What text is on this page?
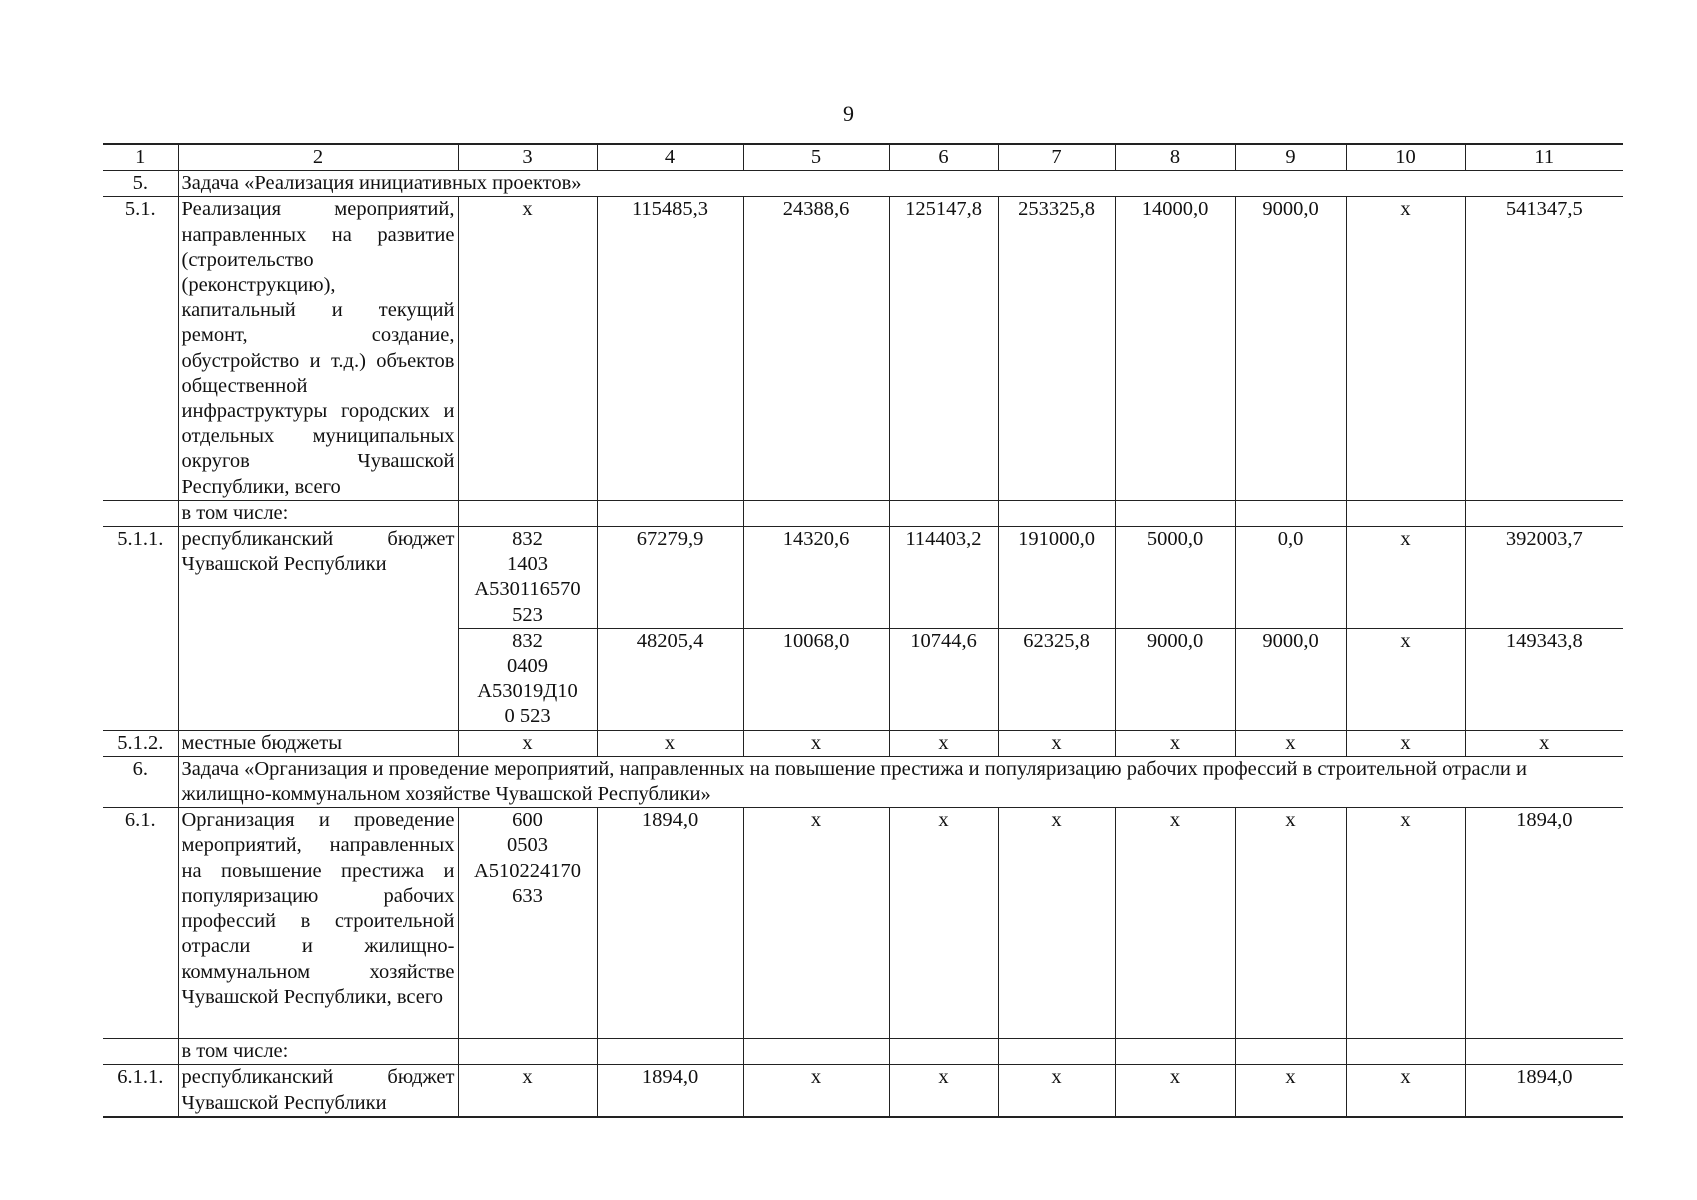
9
1	2	3	4	5	6	7	8	9	10	11
5.	Задача «Реализация инициативных проектов»									
5.1.	Реализация мероприятий, направленных на развитие (строительство (реконструкцию), капитальный и текущий ремонт, создание, обустройство и т.д.) объектов общественной инфраструктуры городских и отдельных муниципальных округов Чувашской Республики, всего	х	115485,3	24388,6	125147,8	253325,8	14000,0	9000,0	х	541347,5
	в том числе:									
5.1.1.	республиканский бюджет Чувашской Республики	832
1403
А530116570
523	67279,9	14320,6	114403,2	191000,0	5000,0	0,0	х	392003,7

		832
0409
А53019Д10
0 523	48205,4	10068,0	10744,6	62325,8	9000,0	9000,0	х	149343,8
5.1.2.	местные бюджеты	х	х	х	х	х	х	х	х	х
6.	Задача «Организация и проведение мероприятий, направленных на повышение престижа и популяризацию рабочих профессий в строительной отрасли и жилищно-коммунальном хозяйстве Чувашской Республики»									
6.1.	Организация и проведение мероприятий, направленных на повышение престижа и популяризацию рабочих профессий в строительной отрасли и жилищно-коммунальном хозяйстве Чувашской Республики, всего	600
0503
А510224170
633	1894,0	х	х	х	х	х	х	1894,0
	в том числе:									
6.1.1.	республиканский бюджет Чувашской Республики	х	1894,0	х	х	х	х	х	х	1894,0
